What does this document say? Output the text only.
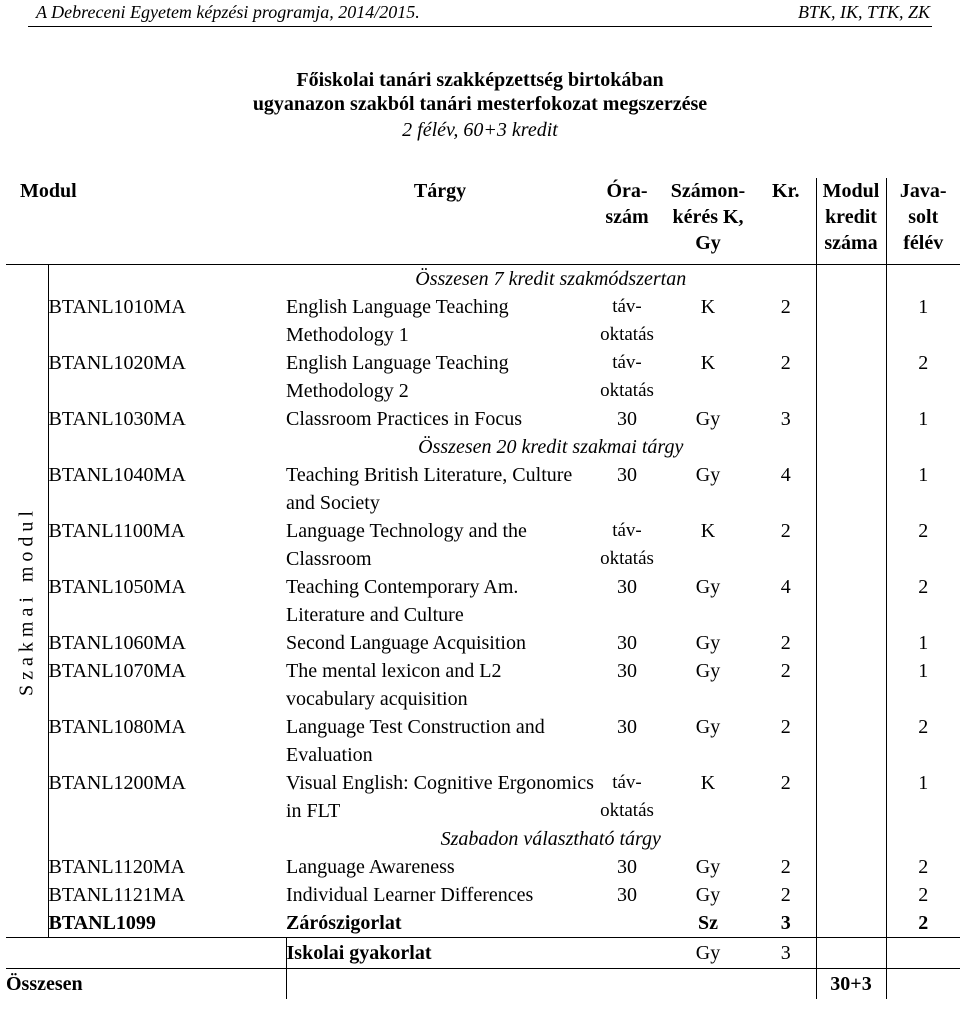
A Debreceni Egyetem képzési programja, 2014/2015.	BTK, IK, TTK, ZK
Főiskolai tanári szakképzettség birtokában
ugyanazon szakból tanári mesterfokozat megszerzése
2 félév, 60+3 kredit
Modul		Tárgy	Óra-szám	Számon-kérés K, Gy	Kr.	Modul kredit száma	Java-solt félév

Szakmai modul		Összesen 7 kredit szakmódszertan					
	BTANL1010MA	English Language Teaching Methodology 1	táv-oktatás	K	2		1
	BTANL1020MA	English Language Teaching Methodology 2	táv-oktatás	K	2		2
	BTANL1030MA	Classroom Practices in Focus	30	Gy	3		1
		Összesen 20 kredit szakmai tárgy					
	BTANL1040MA	Teaching British Literature, Culture and Society	30	Gy	4		1
	BTANL1100MA	Language Technology and the Classroom	táv-oktatás	K	2		2
	BTANL1050MA	Teaching Contemporary Am. Literature and Culture	30	Gy	4		2
	BTANL1060MA	Second Language Acquisition	30	Gy	2		1
	BTANL1070MA	The mental lexicon and L2 vocabulary acquisition	30	Gy	2		1
	BTANL1080MA	Language Test Construction and Evaluation	30	Gy	2		2
	BTANL1200MA	Visual English: Cognitive Ergonomics in FLT	táv-oktatás	K	2		1
		Szabadon választható tárgy					
	BTANL1120MA	Language Awareness	30	Gy	2		2
	BTANL1121MA	Individual Learner Differences	30	Gy	2		2
	BTANL1099	Zárószigorlat		Sz	3		2
		Iskolai gyakorlat		Gy	3		
Összesen						30+3	
